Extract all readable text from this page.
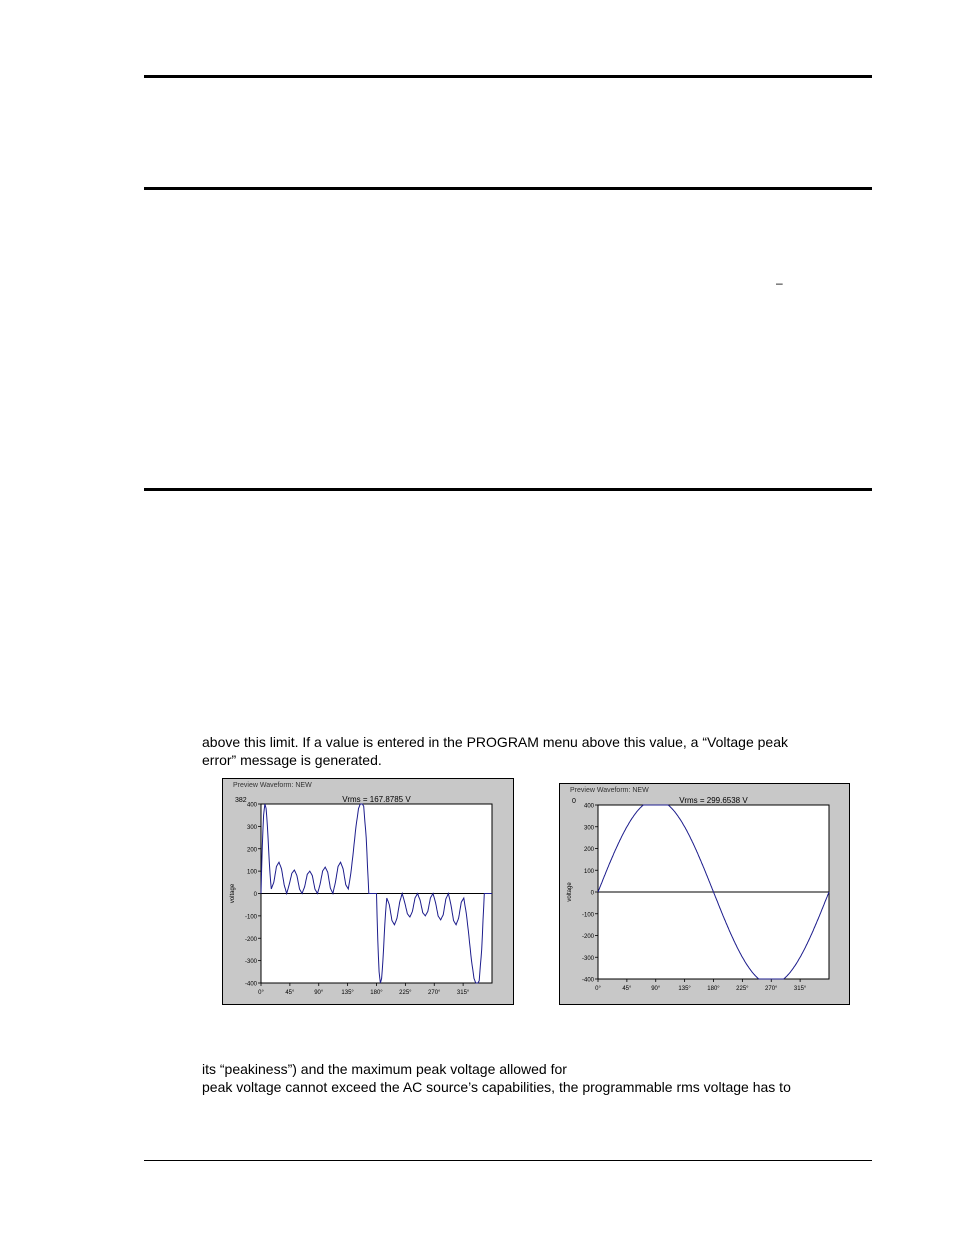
–
above this limit. If a value is entered in the PROGRAM menu above this value, a “Voltage peak
error” message is generated.
Preview Waveform: NEW
382	Vrms = 167.8785 V
400
300
200
100
0
-100
-200
-300
-400
voltage
0°	45°	90°	135°	180°	225°	270°	315°
Preview Waveform: NEW
0	Vrms = 299.6538 V
400
300
200
100
0
-100
-200
-300
-400
voltage
0°	45°	90°	135°	180°	225°	270°	315°
its “peakiness”) and the maximum peak voltage allowed for
peak voltage cannot exceed the AC source’s capabilities, the programmable rms voltage has to
